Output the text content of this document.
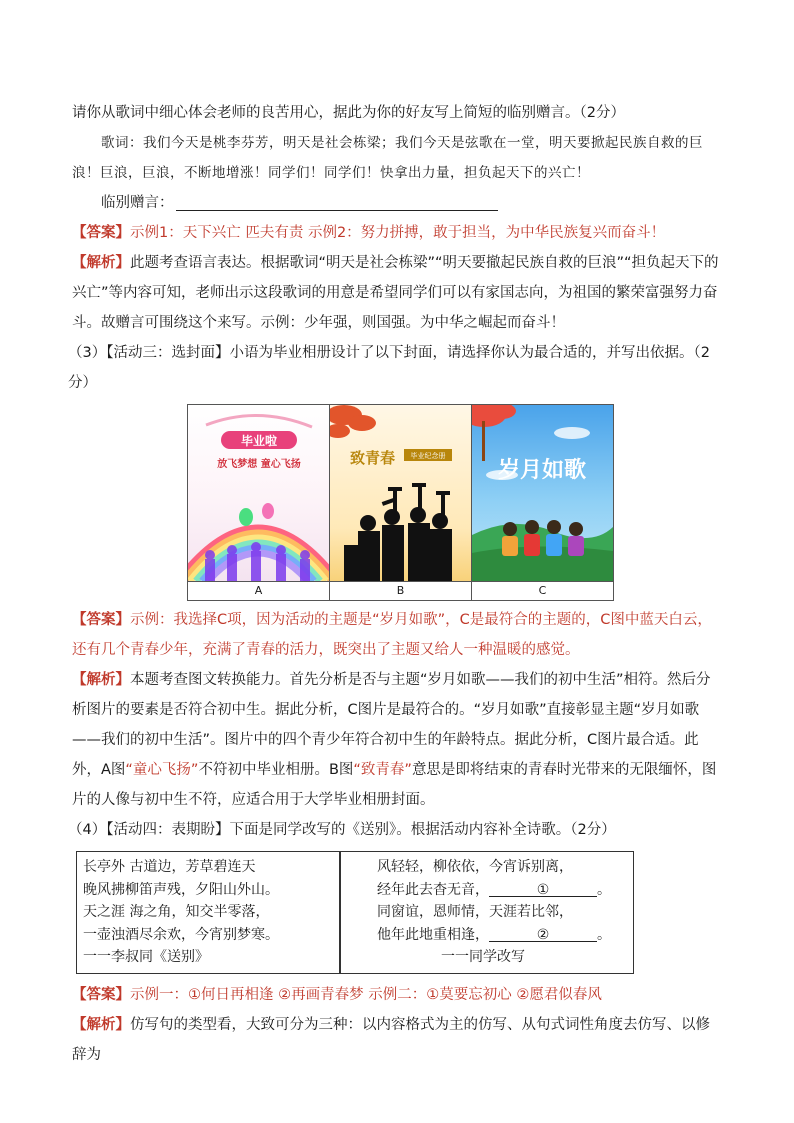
请你从歌词中细心体会老师的良苦用心，据此为你的好友写上简短的临别赠言。（2分）

歌词：我们今天是桃李芬芳，明天是社会栋梁；我们今天是弦歌在一堂，明天要掀起民族自救的巨浪！巨浪，巨浪，不断地增涨！同学们！同学们！快拿出力量，担负起天下的兴亡！

临别赠言：

【答案】示例1：天下兴亡 匹夫有责 示例2：努力拼搏，敢于担当，为中华民族复兴而奋斗！

【解析】此题考查语言表达。根据歌词“明天是社会栋梁”“明天要撤起民族自救的巨浪”“担负起天下的兴亡”等内容可知，老师出示这段歌词的用意是希望同学们可以有家国志向，为祖国的繁荣富强努力奋斗。故赠言可围绕这个来写。示例：少年强，则国强。为中华之崛起而奋斗！

（3）【活动三：选封面】小语为毕业相册设计了以下封面，请选择你认为最合适的，并写出依据。（2分）

毕业啦
放飞梦想 童心飞扬	致青春 毕业纪念册	岁月如歌

A	B	C

【答案】示例：我选择C项，因为活动的主题是“岁月如歌”，C是最符合的主题的，C图中蓝天白云，还有几个青春少年，充满了青春的活力，既突出了主题又给人一种温暖的感觉。

【解析】本题考查图文转换能力。首先分析是否与主题“岁月如歌——我们的初中生活”相符。然后分析图片的要素是否符合初中生。据此分析，C图片是最符合的。“岁月如歌”直接彰显主题“岁月如歌——我们的初中生活”。图片中的四个青少年符合初中生的年龄特点。据此分析，C图片最合适。此外，A图“童心飞扬”不符初中毕业相册。B图“致青春”意思是即将结束的青春时光带来的无限缅怀，图片的人像与初中生不符，应适合用于大学毕业相册封面。

（4）【活动四：表期盼】下面是同学改写的《送别》。根据活动内容补全诗歌。（2分）

长亭外 古道边，芳草碧连天
晚风拂柳笛声残，夕阳山外山。
天之涯 海之角，知交半零落，
一壶浊酒尽余欢，今宵别梦寒。
一一李叔同《送别》
风轻轻，柳依依，今宵诉别离，
经年此去杳无音，	①	。
同窗谊，恩师情，天涯若比邻，
他年此地重相逢，	②	。
一一同学改写

【答案】示例一：①何日再相逢 ②再画青春梦 示例二：①莫要忘初心 ②愿君似春风

【解析】仿写句的类型看，大致可分为三种：以内容格式为主的仿写、从句式词性角度去仿写、以修辞为
